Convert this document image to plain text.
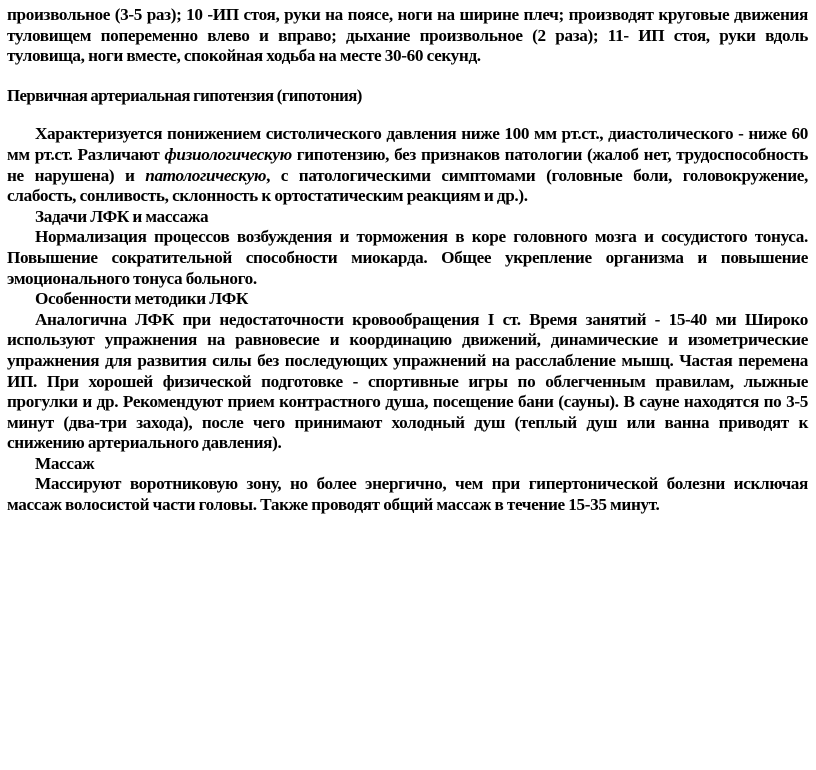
произвольное (3-5 раз); 10 -ИП стоя, руки на поясе, ноги на ширине плеч; производят круговые движения туловищем попеременно влево и вправо; дыхание произвольное (2 раза); 11- ИП стоя, руки вдоль туловища, ноги вместе, спокойная ходьба на месте 30-60 секунд.

Первичная артериальная гипотензия (гипотония)

Характеризуется понижением систолического давления ниже 100 мм рт.ст., диастолического - ниже 60 мм рт.ст. Различают физиологическую гипотензию, без признаков патологии (жалоб нет, трудоспособность не нарушена) и патологическую, с патологическими симптомами (головные боли, головокружение, слабость, сонливость, склонность к ортостатическим реакциям и др.).

Задачи ЛФК и массажа

Нормализация процессов возбуждения и торможения в коре головного мозга и сосудистого тонуса. Повышение сократительной способности миокарда. Общее укрепление организма и повышение эмоционального тонуса больного.

Особенности методики ЛФК

Аналогична ЛФК при недостаточности кровообращения I ст. Время занятий - 15-40 ми Широко используют упражнения на равновесие и координацию движений, динамические и изометрические упражнения для развития силы без последующих упражнений на расслабление мышц. Частая перемена ИП. При хорошей физической подготовке - спортивные игры по облегченным правилам, лыжные прогулки и др. Рекомендуют прием контрастного душа, посещение бани (сауны). В сауне находятся по 3-5 минут (два-три захода), после чего принимают холодный душ (теплый душ или ванна приводят к снижению артериального давления).

Массаж

Массируют воротниковую зону, но более энергично, чем при гипертонической болезни исключая массаж волосистой части головы. Также проводят общий массаж в течение 15-35 минут.
